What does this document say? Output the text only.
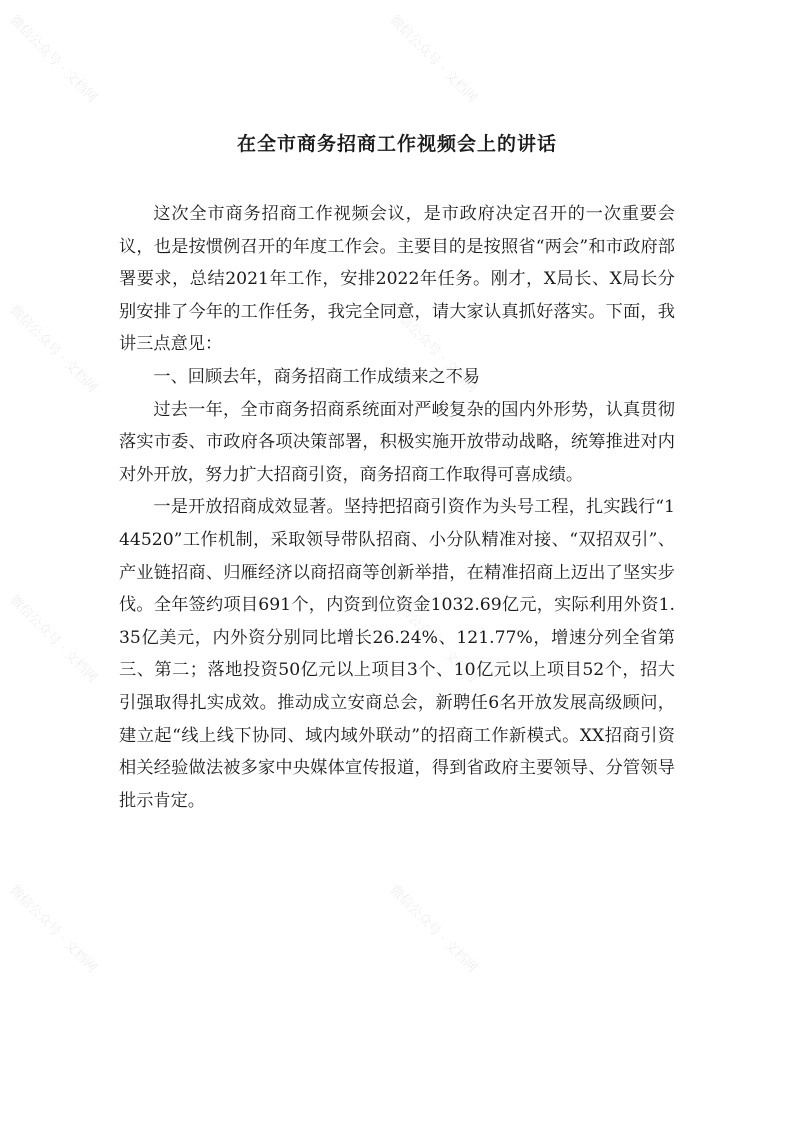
微信公众号 · 文档网	微信公众号 · 文档网
微信公众号 · 文档网	微信公众号 · 文档网
微信公众号 · 文档网	微信公众号 · 文档网
微信公众号 · 文档网	微信公众号 · 文档网
在全市商务招商工作视频会上的讲话

这次全市商务招商工作视频会议，是市政府决定召开的一次重要会议，也是按惯例召开的年度工作会。主要目的是按照省“两会”和市政府部署要求，总结2021年工作，安排2022年任务。刚才，X局长、X局长分别安排了今年的工作任务，我完全同意，请大家认真抓好落实。下面，我讲三点意见：

一、回顾去年，商务招商工作成绩来之不易

过去一年，全市商务招商系统面对严峻复杂的国内外形势，认真贯彻落实市委、市政府各项决策部署，积极实施开放带动战略，统筹推进对内对外开放，努力扩大招商引资，商务招商工作取得可喜成绩。

一是开放招商成效显著。坚持把招商引资作为头号工程，扎实践行“144520”工作机制，采取领导带队招商、小分队精准对接、“双招双引”、产业链招商、归雁经济以商招商等创新举措，在精准招商上迈出了坚实步伐。全年签约项目691个，内资到位资金1032.69亿元，实际利用外资1.35亿美元，内外资分别同比增长26.24%、121.77%，增速分列全省第三、第二；落地投资50亿元以上项目3个、10亿元以上项目52个，招大引强取得扎实成效。推动成立安商总会，新聘任6名开放发展高级顾问，建立起“线上线下协同、域内域外联动”的招商工作新模式。XX招商引资相关经验做法被多家中央媒体宣传报道，得到省政府主要领导、分管领导批示肯定。
